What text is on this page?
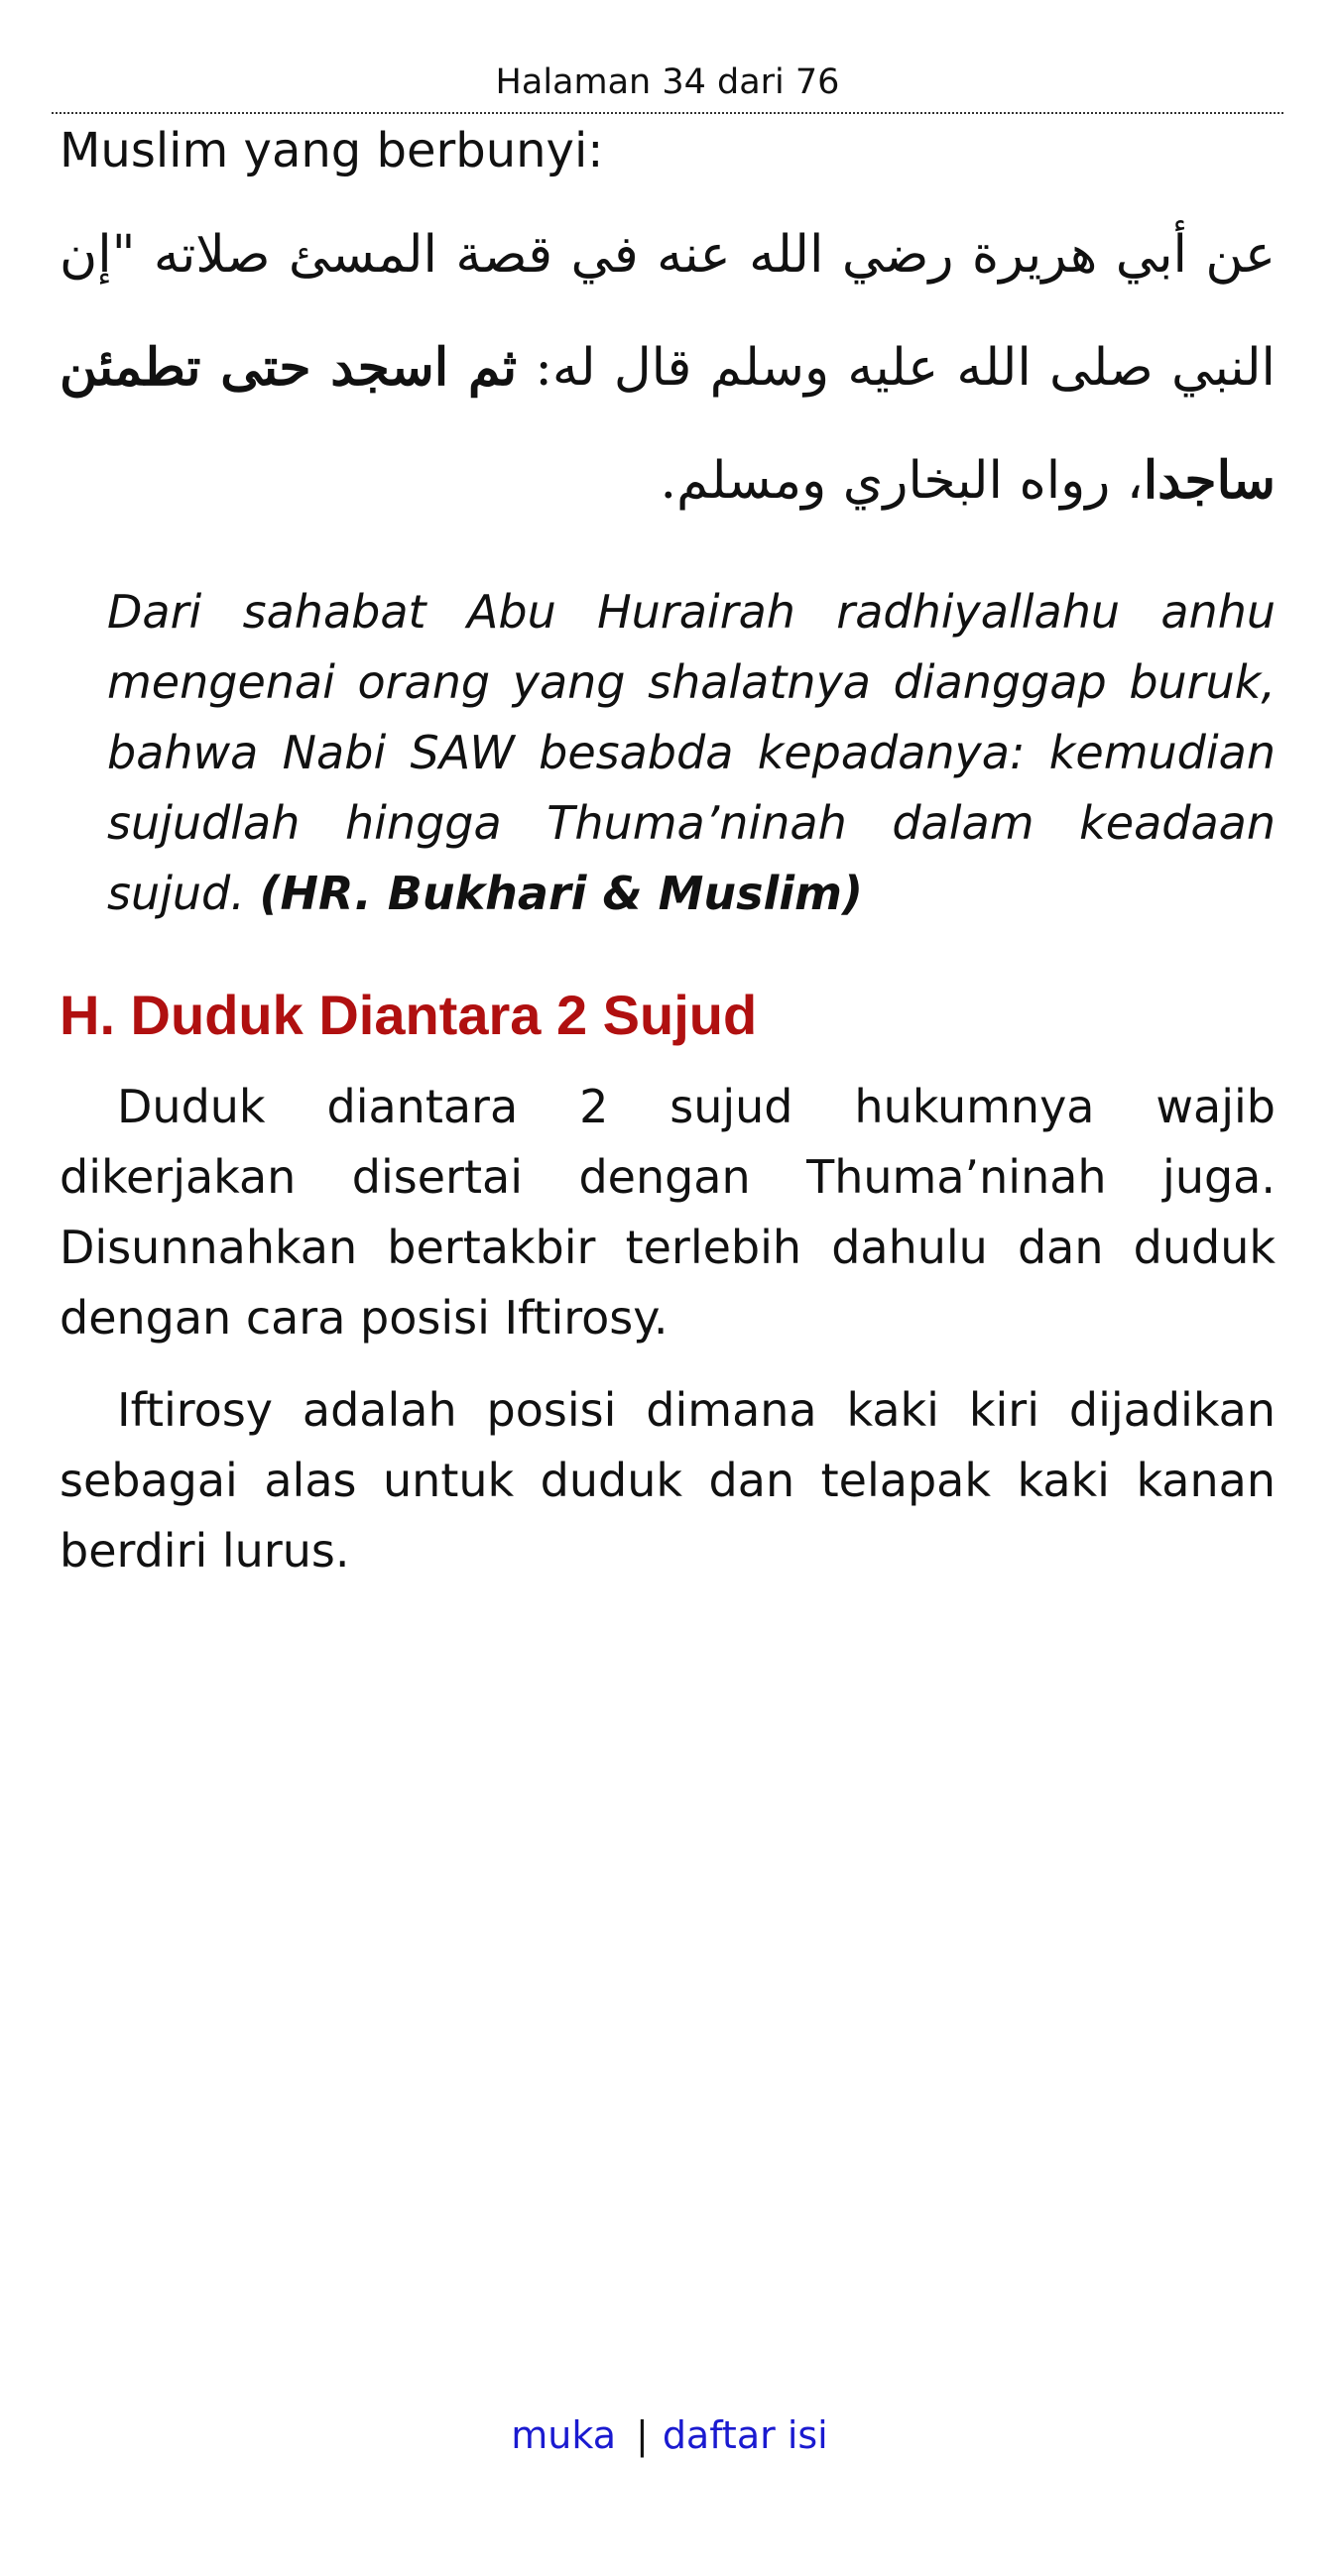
Halaman 34 dari 76

Muslim yang berbunyi:

عن أبي هريرة رضي الله عنه في قصة المسئ صلاته "إن النبي صلى الله عليه وسلم قال له: ثم اسجد حتى تطمئن ساجدا، رواه البخاري ومسلم.

Dari sahabat Abu Hurairah radhiyallahu anhu mengenai orang yang shalatnya dianggap buruk, bahwa Nabi SAW besabda kepadanya: kemudian sujudlah hingga Thuma’ninah dalam keadaan sujud. (HR. Bukhari & Muslim)

H. Duduk Diantara 2 Sujud

Duduk diantara 2 sujud hukumnya wajib dikerjakan disertai dengan Thuma’ninah juga. Disunnahkan bertakbir terlebih dahulu dan duduk dengan cara posisi Iftirosy.

Iftirosy adalah posisi dimana kaki kiri dijadikan sebagai alas untuk duduk dan telapak kaki kanan berdiri lurus.

muka | daftar isi
